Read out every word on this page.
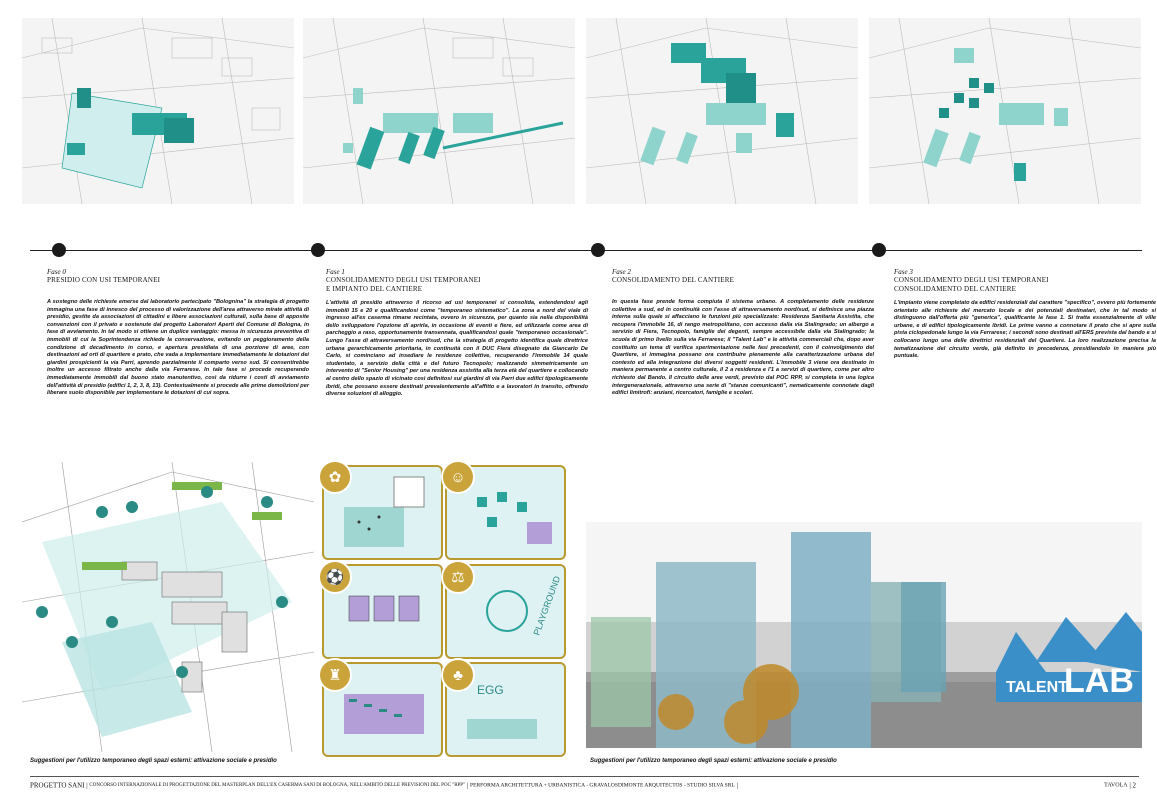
Fase 0

PRESIDIO CON USI TEMPORANEI

A sostegno delle richieste emerse dal laboratorio partecipato "Bolognina" la strategia di progetto immagina una fase di innesco del processo di valorizzazione dell'area attraverso mirate attività di presidio, gestite da associazioni di cittadini e libere associazioni culturali, sulla base di apposite convenzioni con il privato e sostenute dal progetto Laboratori Aperti del Comune di Bologna, in fase di avviamento. In tal modo si ottiene un duplice vantaggio: messa in sicurezza preventiva di immobili di cui la Soprintendenza richiede la conservazione, evitando un peggioramento della condizione di decadimento in corso, e apertura presidiata di una porzione di aree, con destinazioni ad orti di quartiere e prato, che vada a implementare immediatamente le dotazioni dei giardini prospicienti la via Parri, aprendo parzialmente il comparto verso sud. Si consentirebbe inoltre un accesso filtrato anche dalla via Ferrarese. In tale fase si procede recuperando immediatamente immobili dal buono stato manutentivo, così da ridurre i costi di avviamento dell'attività di presidio (edifici 1, 2, 3, 8, 13). Contestualmente si procede alle prime demolizioni per liberare suolo disponibile per implementare le dotazioni di cui sopra.

Fase 1

CONSOLIDAMENTO DEGLI USI TEMPORANEI

E IMPIANTO DEL CANTIERE

L'attività di presidio attraverso il ricorso ad usi temporanei si consolida, estendendosi agli immobili 15 e 20 e qualificandosi come "temporaneo sistematico". La zona a nord del viale di ingresso all'ex caserma rimane recintata, ovvero in sicurezza, per quanto sia nella disponibilità dello sviluppatore l'opzione di aprirla, in occasione di eventi e fiere, ed utilizzarla come area di parcheggio a raso, opportunamente transennata, qualificandosi quale "temporaneo occasionale". Lungo l'asse di attraversamento nord/sud, che la strategia di progetto identifica quale direttrice urbana gerarchicamente prioritaria, in continuità con il DUC Fiera disegnato da Giancarlo De Carlo, si cominciano ad insediare le residenze collettive, recuperando l'immobile 14 quale studentato, a servizio della città e del futuro Tecnopolo; realizzando simmetricamente un intervento di "Senior Housing" per una residenza assistita alla terza età del quartiere e collocando al centro dello spazio di vicinato così definitosi sui giardini di via Parri due edifici tipologicamente ibridi, che possano essere destinati prevalentemente all'affitto e a lavoratori in transito, offrendo diverse soluzioni di alloggio.

Fase 2

CONSOLIDAMENTO DEL CANTIERE

In questa fase prende forma compiuta il sistema urbano. A completamento delle residenze collettive a sud, ed in continuità con l'asse di attraversamento nord/sud, si definisce una piazza interna sulla quale si affacciano le funzioni più specializzate: Residenza Sanitaria Assistita, che recupera l'immobile 16, di rango metropolitano, con accesso dalla via Stalingrado; un albergo a servizio di Fiera, Tecnopolo, famiglie dei degenti, sempre accessibile dalla via Stalingrado; la scuola di primo livello sulla via Ferrarese; il "Talent Lab" e le attività commerciali che, dopo aver costituito un tema di verifica sperimentazione nelle fasi precedenti, con il coinvolgimento del Quartiere, si immagina possano ora contribuire pienamente alla caratterizzazione urbana del contesto ed alla integrazione dei diversi soggetti residenti. L'immobile 3 viene ora destinato in maniera permanente a centro culturale, il 2 a residenza e l'1 a servizi di quartiere, come per altro richiesto dal Bando. Il circuito delle aree verdi, previsto dal POC RPP, si completa in una logica intergenerazionale, attraverso una serie di "stanze comunicanti", nematicamente connotate dagli edifici limitrofi: anziani, ricercatori, famiglie e scolari.

Fase 3

CONSOLIDAMENTO DEGLI USI TEMPORANEI

CONSOLIDAMENTO DEL CANTIERE

L'impianto viene completato da edifici residenziali dal carattere "specifico", ovvero più fortemente orientato alle richieste del mercato locale e dei potenziali destinatari, che in tal modo si distinguono dall'offerta più "generica", qualificante la fase 1. Si tratta essenzialmente di ville urbane, e di edifici tipologicamente ibridi. Le prime vanno a connotare il prato che si apre sulla pista ciclopedonale lungo la via Ferrarese; i secondi sono destinati all'ERS prevista dal bando e si collocano lungo una delle direttrici residenziali del Quartiere. La loro realizzazione precisa la tematizzazione del circuito verde, già definito in precedenza, presidiandolo in maniera più puntuale.
PLAYGROUND
EGG
✿	☺
⚽	⚖
♜	♣
TALENT
LAB
Suggestioni per l'utilizzo temporaneo degli spazi esterni: attivazione sociale e presidio	Suggestioni per l'utilizzo temporaneo degli spazi esterni: attivazione sociale e presidio
PROGETTO SANI | CONCORSO INTERNAZIONALE DI PROGETTAZIONE DEL MASTERPLAN DELL'EX CASERMA SANI DI BOLOGNA, NELL'AMBITO DELLE PREVISIONI DEL POC "RPP" | PERFORMA ARCHITETTURA + URBANISTICA - GRAVALOSDIMONTE ARQUITECTOS - STUDIO SILVA SRL |	TAVOLA | 2
